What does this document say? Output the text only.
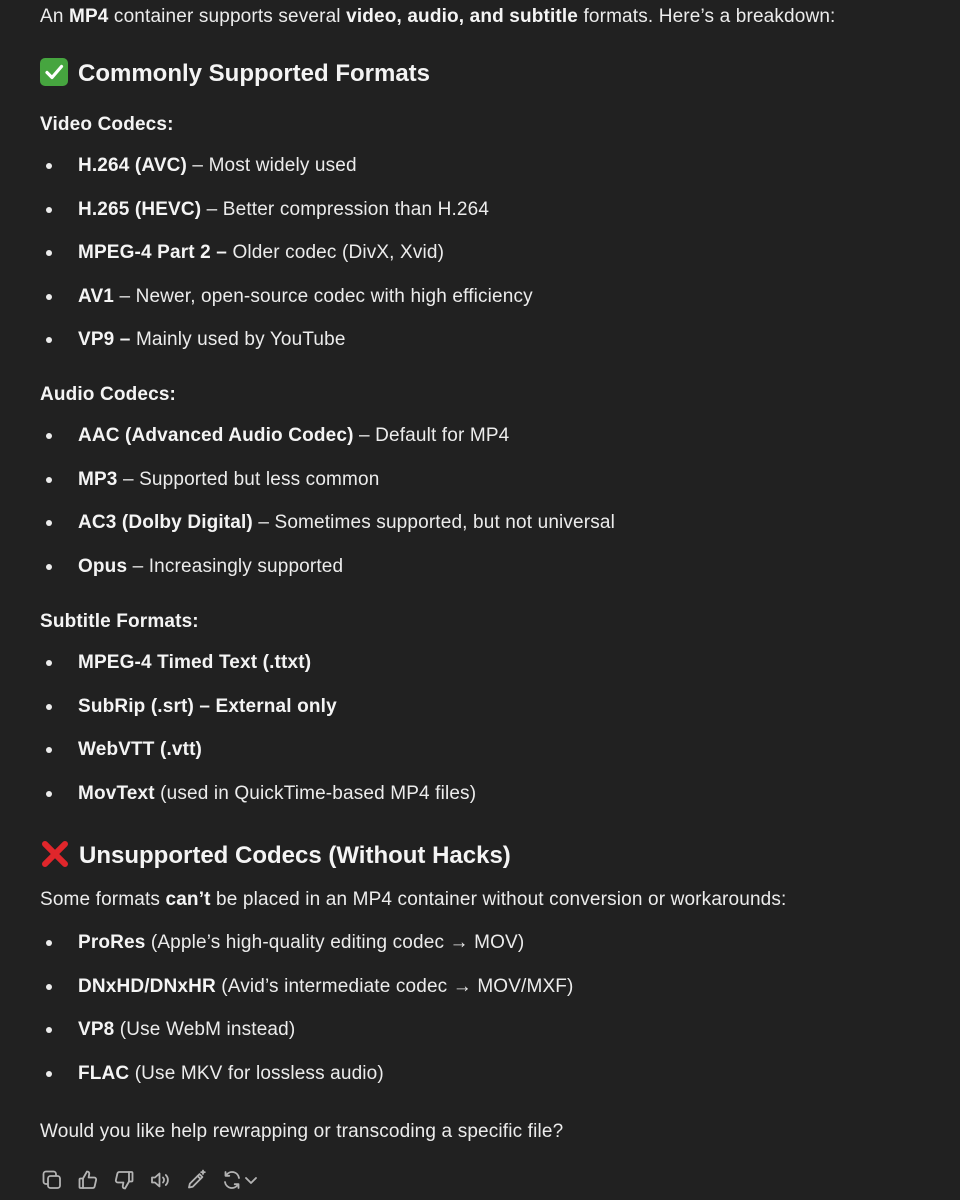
An MP4 container supports several video, audio, and subtitle formats. Here’s a breakdown:
Commonly Supported Formats
Video Codecs:
H.264 (AVC) – Most widely used
H.265 (HEVC) – Better compression than H.264
MPEG-4 Part 2 – Older codec (DivX, Xvid)
AV1 – Newer, open-source codec with high efficiency
VP9 – Mainly used by YouTube
Audio Codecs:
AAC (Advanced Audio Codec) – Default for MP4
MP3 – Supported but less common
AC3 (Dolby Digital) – Sometimes supported, but not universal
Opus – Increasingly supported
Subtitle Formats:
MPEG-4 Timed Text (.ttxt)
SubRip (.srt) – External only
WebVTT (.vtt)
MovText (used in QuickTime-based MP4 files)
Unsupported Codecs (Without Hacks)
Some formats can’t be placed in an MP4 container without conversion or workarounds:
ProRes (Apple’s high-quality editing codec → MOV)
DNxHD/DNxHR (Avid’s intermediate codec → MOV/MXF)
VP8 (Use WebM instead)
FLAC (Use MKV for lossless audio)
Would you like help rewrapping or transcoding a specific file?
